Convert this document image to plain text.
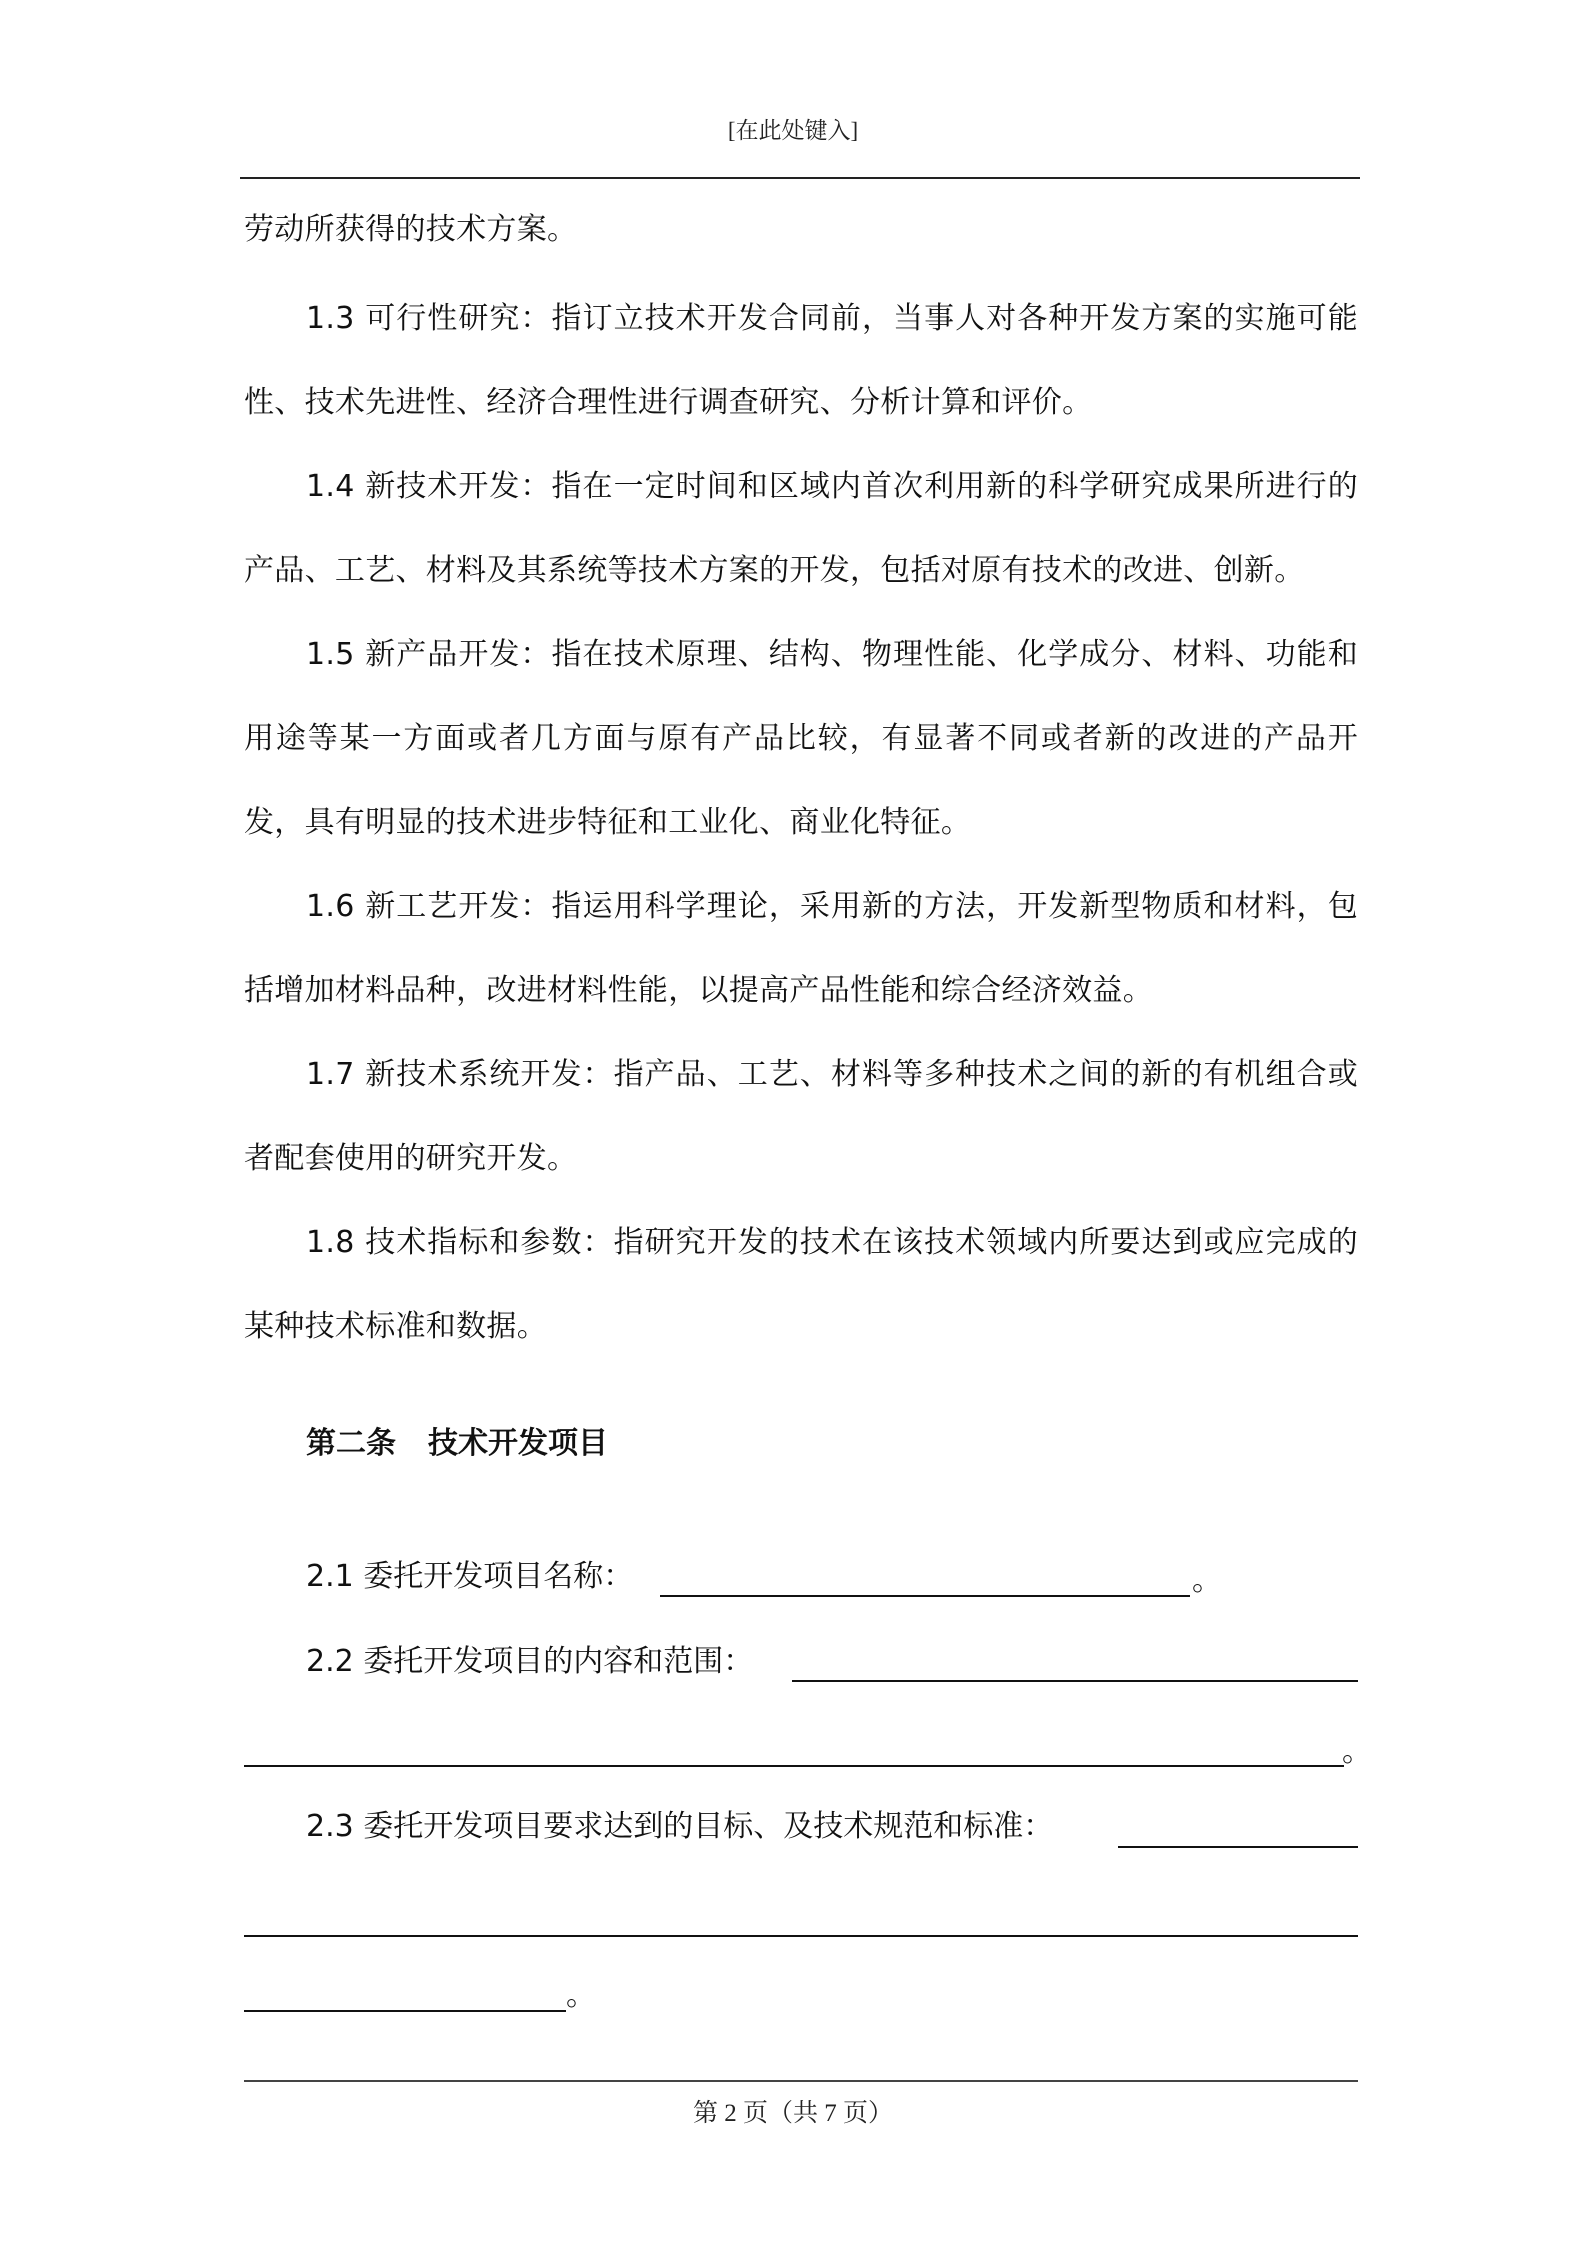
[在此处键入]

劳动所获得的技术方案。

1.3 可行性研究：指订立技术开发合同前，当事人对各种开发方案的实施可能性、技术先进性、经济合理性进行调查研究、分析计算和评价。

1.4 新技术开发：指在一定时间和区域内首次利用新的科学研究成果所进行的产品、工艺、材料及其系统等技术方案的开发，包括对原有技术的改进、创新。

1.5 新产品开发：指在技术原理、结构、物理性能、化学成分、材料、功能和用途等某一方面或者几方面与原有产品比较，有显著不同或者新的改进的产品开发，具有明显的技术进步特征和工业化、商业化特征。

1.6 新工艺开发：指运用科学理论，采用新的方法，开发新型物质和材料，包括增加材料品种，改进材料性能，以提高产品性能和综合经济效益。

1.7 新技术系统开发：指产品、工艺、材料等多种技术之间的新的有机组合或者配套使用的研究开发。

1.8 技术指标和参数：指研究开发的技术在该技术领域内所要达到或应完成的某种技术标准和数据。

第二条 技术开发项目

2.1 委托开发项目名称：	。

2.2 委托开发项目的内容和范围：

。

2.3 委托开发项目要求达到的目标、及技术规范和标准：

。
第 2 页（共 7 页）
